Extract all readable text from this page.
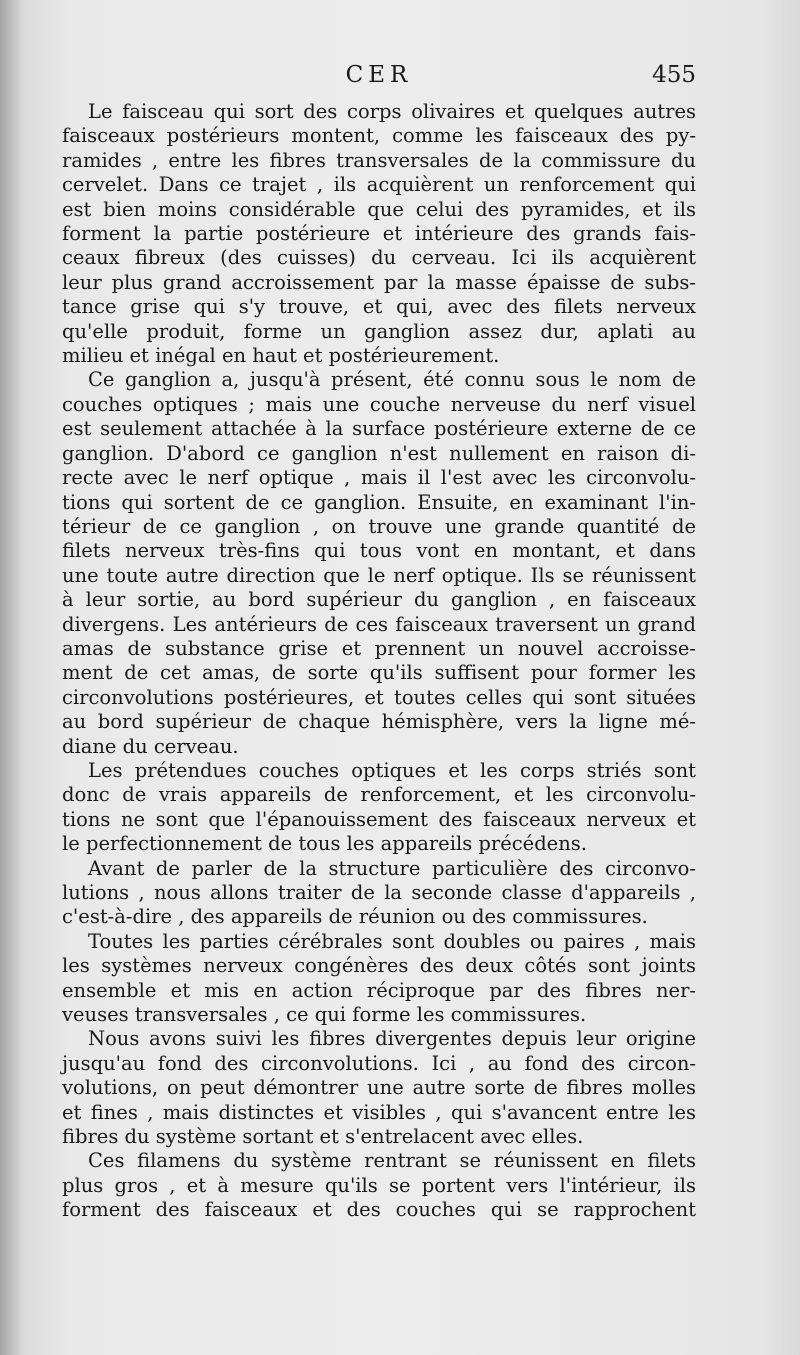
CER	455

Le faisceau qui sort des corps olivaires et quelques autres
faisceaux postérieurs montent, comme les faisceaux des py-
ramides , entre les fibres transversales de la commissure du
cervelet. Dans ce trajet , ils acquièrent un renforcement qui
est bien moins considérable que celui des pyramides, et ils
forment la partie postérieure et intérieure des grands fais-
ceaux fibreux (des cuisses) du cerveau. Ici ils acquièrent
leur plus grand accroissement par la masse épaisse de subs-
tance grise qui s'y trouve, et qui, avec des filets nerveux
qu'elle produit, forme un ganglion assez dur, aplati au
milieu et inégal en haut et postérieurement.

Ce ganglion a, jusqu'à présent, été connu sous le nom de
couches optiques ; mais une couche nerveuse du nerf visuel
est seulement attachée à la surface postérieure externe de ce
ganglion. D'abord ce ganglion n'est nullement en raison di-
recte avec le nerf optique , mais il l'est avec les circonvolu-
tions qui sortent de ce ganglion. Ensuite, en examinant l'in-
térieur de ce ganglion , on trouve une grande quantité de
filets nerveux très-fins qui tous vont en montant, et dans
une toute autre direction que le nerf optique. Ils se réunissent
à leur sortie, au bord supérieur du ganglion , en faisceaux
divergens. Les antérieurs de ces faisceaux traversent un grand
amas de substance grise et prennent un nouvel accroisse-
ment de cet amas, de sorte qu'ils suffisent pour former les
circonvolutions postérieures, et toutes celles qui sont situées
au bord supérieur de chaque hémisphère, vers la ligne mé-
diane du cerveau.

Les prétendues couches optiques et les corps striés sont
donc de vrais appareils de renforcement, et les circonvolu-
tions ne sont que l'épanouissement des faisceaux nerveux et
le perfectionnement de tous les appareils précédens.

Avant de parler de la structure particulière des circonvo-
lutions , nous allons traiter de la seconde classe d'appareils ,
c'est-à-dire , des appareils de réunion ou des commissures.

Toutes les parties cérébrales sont doubles ou paires , mais
les systèmes nerveux congénères des deux côtés sont joints
ensemble et mis en action réciproque par des fibres ner-
veuses transversales , ce qui forme les commissures.

Nous avons suivi les fibres divergentes depuis leur origine
jusqu'au fond des circonvolutions. Ici , au fond des circon-
volutions, on peut démontrer une autre sorte de fibres molles
et fines , mais distinctes et visibles , qui s'avancent entre les
fibres du système sortant et s'entrelacent avec elles.

Ces filamens du système rentrant se réunissent en filets
plus gros , et à mesure qu'ils se portent vers l'intérieur, ils
forment des faisceaux et des couches qui se rapprochent
